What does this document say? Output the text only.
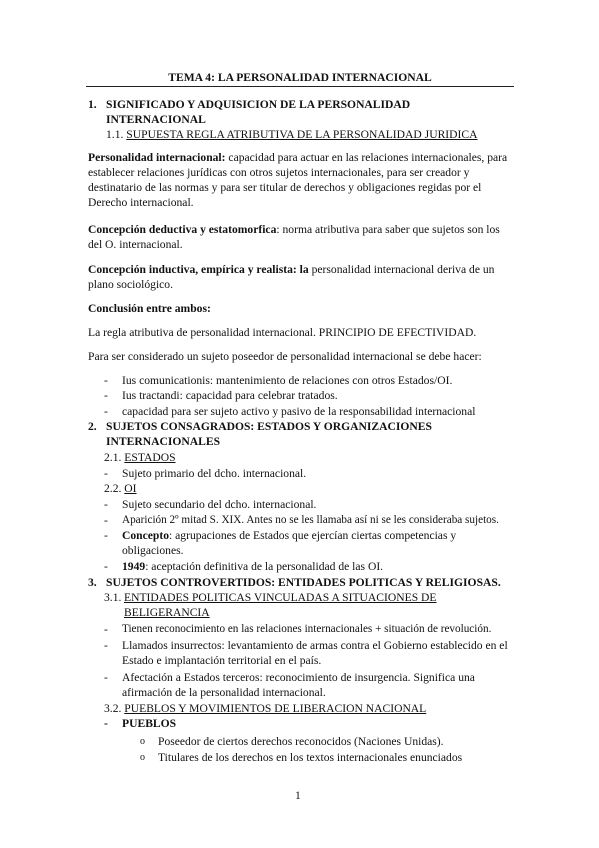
TEMA 4: LA PERSONALIDAD INTERNACIONAL
1. SIGNIFICADO Y ADQUISICION DE LA PERSONALIDAD INTERNACIONAL
1.1. SUPUESTA REGLA ATRIBUTIVA DE LA PERSONALIDAD JURIDICA
Personalidad internacional: capacidad para actuar en las relaciones internacionales, para establecer relaciones jurídicas con otros sujetos internacionales, para ser creador y destinatario de las normas y para ser titular de derechos y obligaciones regidas por el Derecho internacional.
Concepción deductiva y estatomorfica: norma atributiva para saber que sujetos son los del O. internacional.
Concepción inductiva, empírica y realista: la personalidad internacional deriva de un plano sociológico.
Conclusión entre ambos:
La regla atributiva de personalidad internacional. PRINCIPIO DE EFECTIVIDAD.
Para ser considerado un sujeto poseedor de personalidad internacional se debe hacer:
- Ius comunicationis: mantenimiento de relaciones con otros Estados/OI.
- Ius tractandi: capacidad para celebrar tratados.
- capacidad para ser sujeto activo y pasivo de la responsabilidad internacional
2. SUJETOS CONSAGRADOS: ESTADOS Y ORGANIZACIONES INTERNACIONALES
2.1. ESTADOS
- Sujeto primario del dcho. internacional.
2.2. OI
- Sujeto secundario del dcho. internacional.
- Aparición 2º mitad S. XIX. Antes no se les llamaba así ni se les consideraba sujetos.
- Concepto: agrupaciones de Estados que ejercían ciertas competencias y obligaciones.
- 1949: aceptación definitiva de la personalidad de las OI.
3. SUJETOS CONTROVERTIDOS: ENTIDADES POLITICAS Y RELIGIOSAS.
3.1. ENTIDADES POLITICAS VINCULADAS A SITUACIONES DE BELIGERANCIA
- Tienen reconocimiento en las relaciones internacionales + situación de revolución.
- Llamados insurrectos: levantamiento de armas contra el Gobierno establecido en el Estado e implantación territorial en el país.
- Afectación a Estados terceros: reconocimiento de insurgencia. Significa una afirmación de la personalidad internacional.
3.2. PUEBLOS Y MOVIMIENTOS DE LIBERACION NACIONAL
- PUEBLOS
o Poseedor de ciertos derechos reconocidos (Naciones Unidas).
o Titulares de los derechos en los textos internacionales enunciados
1
